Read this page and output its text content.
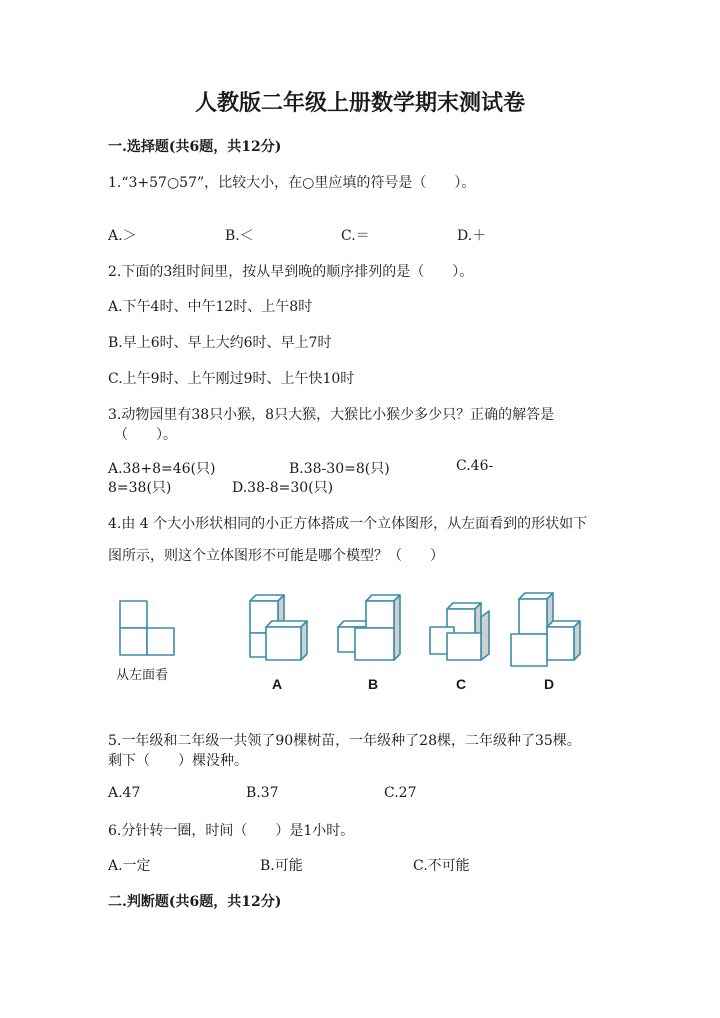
人教版二年级上册数学期末测试卷
一.选择题(共6题，共12分)
1.“3+57○57”，比较大小，在○里应填的符号是（　　）。
A.＞	B.＜	C.＝	D.＋
2.下面的3组时间里，按从早到晚的顺序排列的是（　　）。
A.下午4时、中午12时、上午8时
B.早上6时、早上大约6时、早上7时
C.上午9时、上午刚过9时、上午快10时
3.动物园里有38只小猴，8只大猴，大猴比小猴少多少只？正确的解答是
（　　）。
A.38+8=46(只)	B.38-30=8(只)	C.46-
8=38(只)	D.38-8=30(只)
4.由 4 个大小形状相同的小正方体搭成一个立体图形，从左面看到的形状如下
图所示，则这个立体图形不可能是哪个模型？（　　）
从左面看
A	B	C	D
5.一年级和二年级一共领了90棵树苗，一年级种了28棵，二年级种了35棵。
剩下（　　）棵没种。
A.47	B.37	C.27
6.分针转一圈，时间（　　）是1小时。
A.一定	B.可能	C.不可能
二.判断题(共6题，共12分)
